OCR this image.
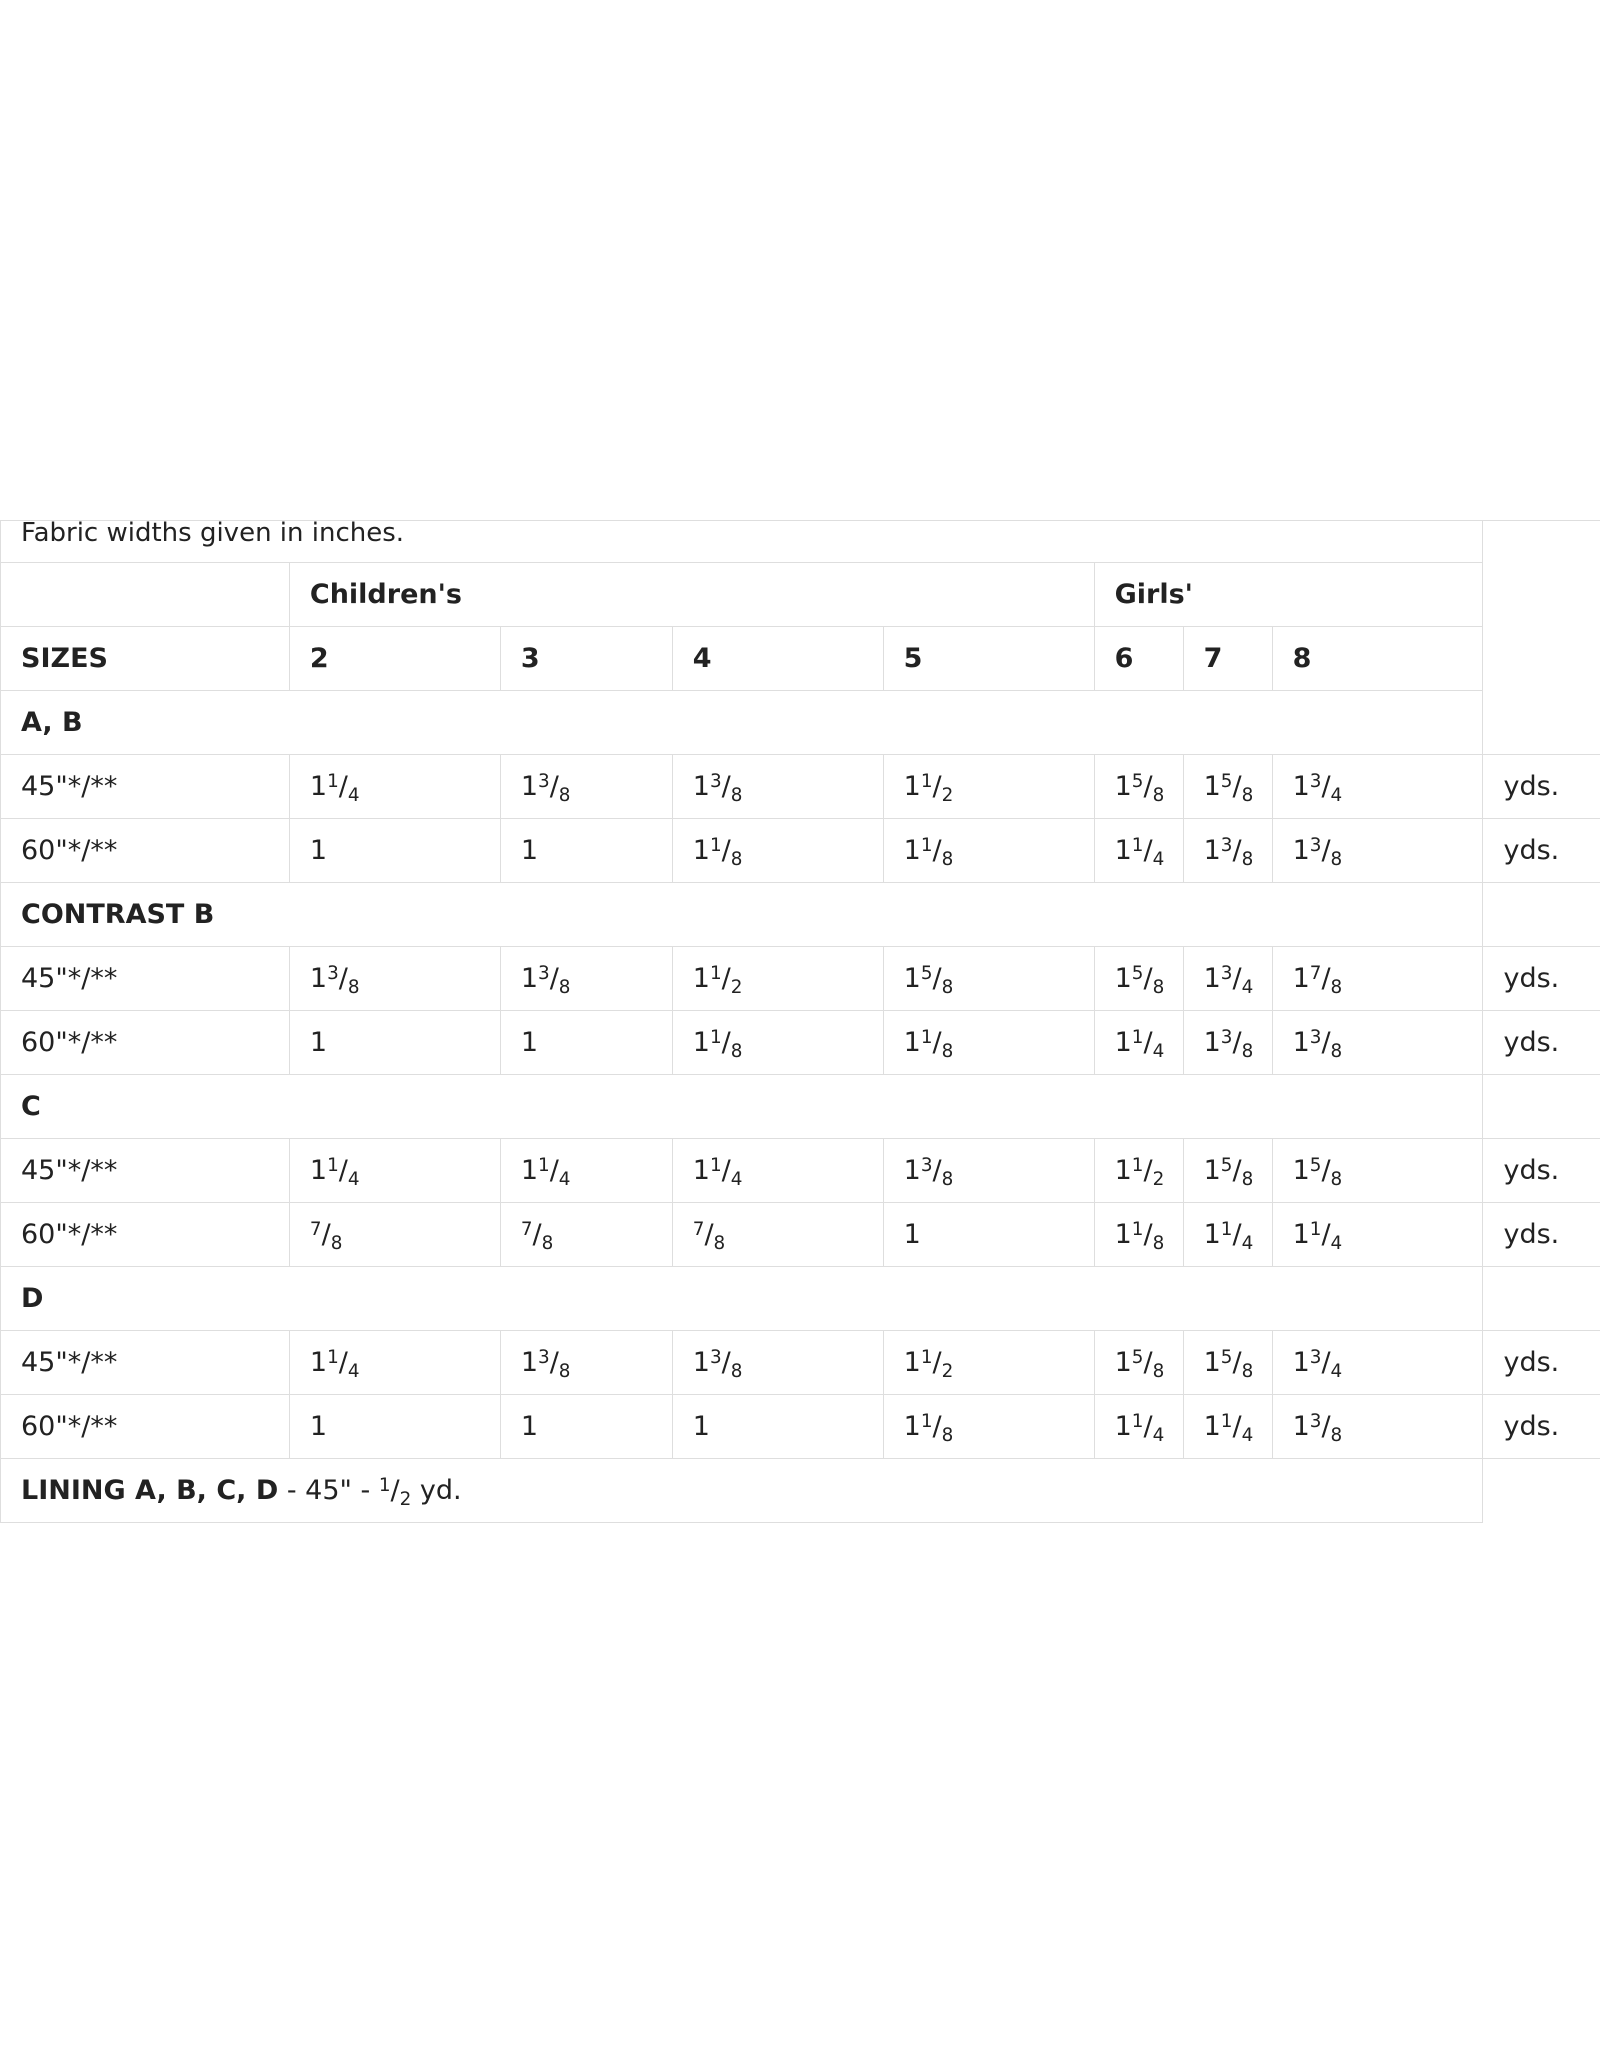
Fabric widths given in inches.								
	Children's				Girls'			
SIZES	2	3	4	5	6	7	8	
A, B								
45"*/**	$1^1/_4$	$1^3/_8$	$1^3/_8$	$1^1/_2$	$1^5/_8$	$1^5/_8$	$1^3/_4$	yds.
60"*/**	1	1	$1^1/_8$	$1^1/_8$	$1^1/_4$	$1^3/_8$	$1^3/_8$	yds.
CONTRAST B								
45"*/**	$1^3/_8$	$1^3/_8$	$1^1/_2$	$1^5/_8$	$1^5/_8$	$1^3/_4$	$1^7/_8$	yds.
60"*/**	1	1	$1^1/_8$	$1^1/_8$	$1^1/_4$	$1^3/_8$	$1^3/_8$	yds.
C								
45"*/**	$1^1/_4$	$1^1/_4$	$1^1/_4$	$1^3/_8$	$1^1/_2$	$1^5/_8$	$1^5/_8$	yds.
60"*/**	$^7/_8$	$^7/_8$	$^7/_8$	1	$1^1/_8$	$1^1/_4$	$1^1/_4$	yds.
D								
45"*/**	$1^1/_4$	$1^3/_8$	$1^3/_8$	$1^1/_2$	$1^5/_8$	$1^5/_8$	$1^3/_4$	yds.
60"*/**	1	1	1	$1^1/_8$	$1^1/_4$	$1^1/_4$	$1^3/_8$	yds.
LINING A, B, C, D - 45" - $^1/_2$ yd.								
